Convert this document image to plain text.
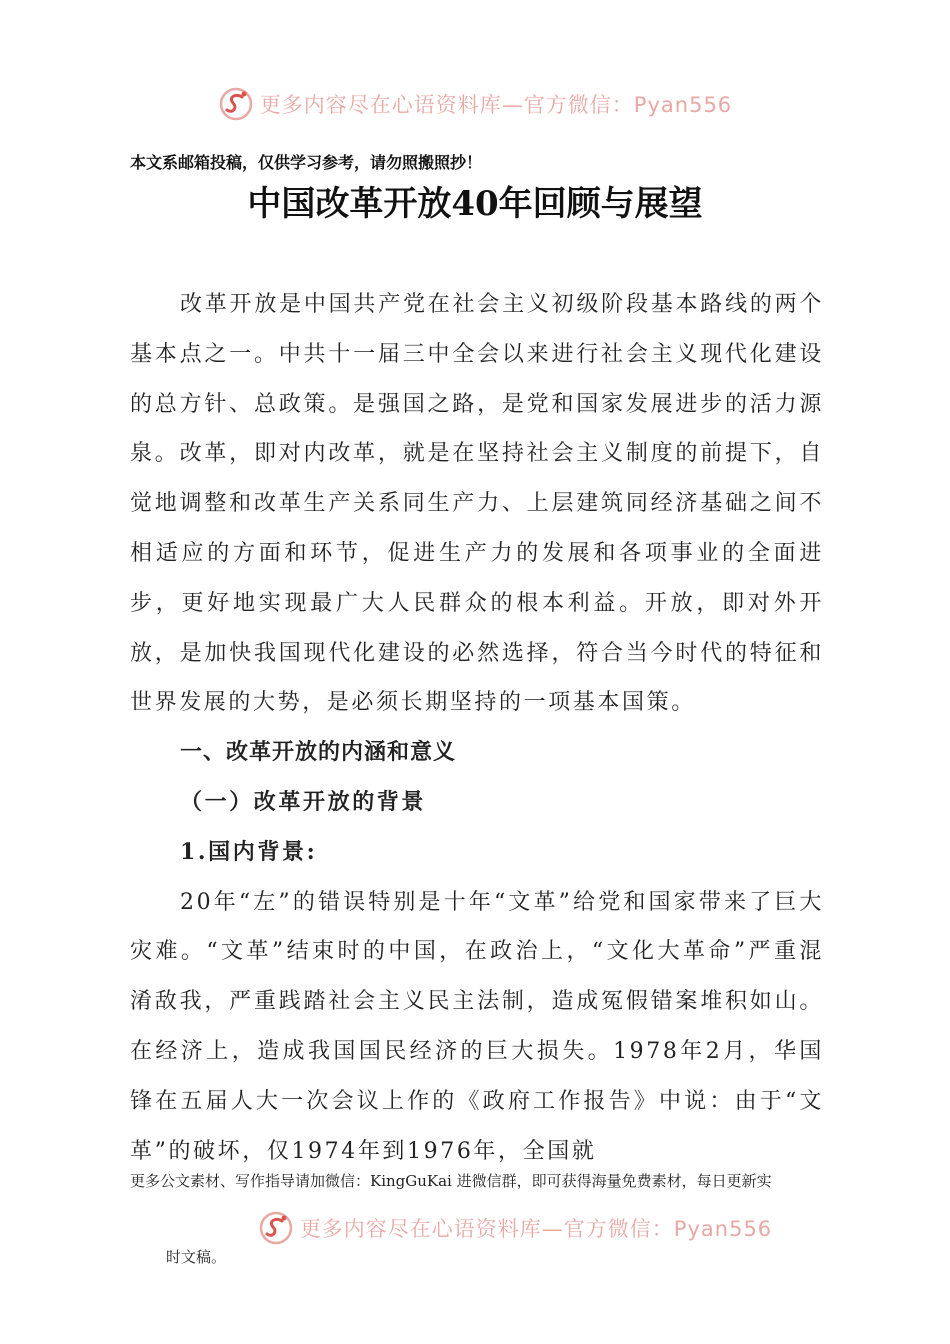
更多内容尽在心语资料库—官方微信：Pyan556
本文系邮箱投稿，仅供学习参考，请勿照搬照抄！
中国改革开放40年回顾与展望

改革开放是中国共产党在社会主义初级阶段基本路线的两个基本点之一。中共十一届三中全会以来进行社会主义现代化建设的总方针、总政策。是强国之路，是党和国家发展进步的活力源泉。改革，即对内改革，就是在坚持社会主义制度的前提下，自觉地调整和改革生产关系同生产力、上层建筑同经济基础之间不相适应的方面和环节，促进生产力的发展和各项事业的全面进步，更好地实现最广大人民群众的根本利益。开放，即对外开放，是加快我国现代化建设的必然选择，符合当今时代的特征和世界发展的大势，是必须长期坚持的一项基本国策。

一、改革开放的内涵和意义

（一）改革开放的背景

1.国内背景:

20年“左”的错误特别是十年“文革”给党和国家带来了巨大灾难。“文革”结束时的中国，在政治上，“文化大革命”严重混淆敌我，严重践踏社会主义民主法制，造成冤假错案堆积如山。在经济上，造成我国国民经济的巨大损失。1978年2月，华国锋在五届人大一次会议上作的《政府工作报告》中说：由于“文革”的破坏，仅1974年到1976年，全国就

更多公文素材、写作指导请加微信：KingGuKai 进微信群，即可获得海量免费素材，每日更新实
更多内容尽在心语资料库—官方微信：Pyan556
时文稿。
